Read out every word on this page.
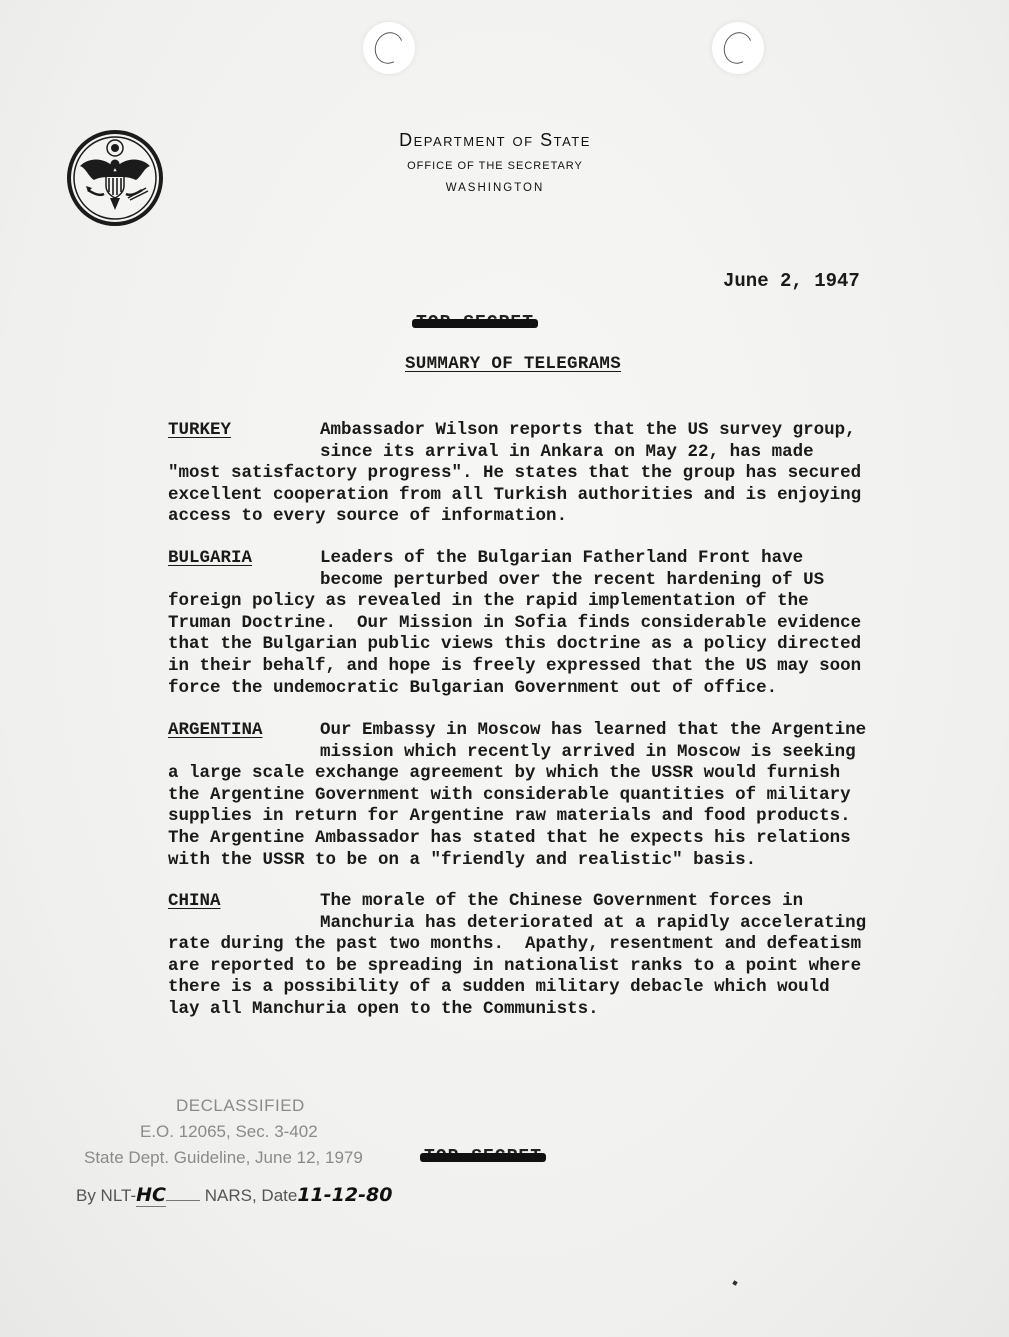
Department of State
OFFICE OF THE SECRETARY
WASHINGTON
June 2, 1947
SUMMARY OF TELEGRAMS
TURKEY	Ambassador Wilson reports that the US survey group,
since its arrival in Ankara on May 22, has made
"most satisfactory progress". He states that the group has secured
excellent cooperation from all Turkish authorities and is enjoying
access to every source of information.

BULGARIA	Leaders of the Bulgarian Fatherland Front have
become perturbed over the recent hardening of US
foreign policy as revealed in the rapid implementation of the
Truman Doctrine.  Our Mission in Sofia finds considerable evidence
that the Bulgarian public views this doctrine as a policy directed
in their behalf, and hope is freely expressed that the US may soon
force the undemocratic Bulgarian Government out of office.

ARGENTINA	Our Embassy in Moscow has learned that the Argentine
mission which recently arrived in Moscow is seeking
a large scale exchange agreement by which the USSR would furnish
the Argentine Government with considerable quantities of military
supplies in return for Argentine raw materials and food products.
The Argentine Ambassador has stated that he expects his relations
with the USSR to be on a "friendly and realistic" basis.

CHINA	The morale of the Chinese Government forces in
Manchuria has deteriorated at a rapidly accelerating
rate during the past two months.  Apathy, resentment and defeatism
are reported to be spreading in nationalist ranks to a point where
there is a possibility of a sudden military debacle which would
lay all Manchuria open to the Communists.

DECLASSIFIED
E.O. 12065, Sec. 3-402
State Dept. Guideline, June 12, 1979
By NLT-HC NARS, Date11-12-80
